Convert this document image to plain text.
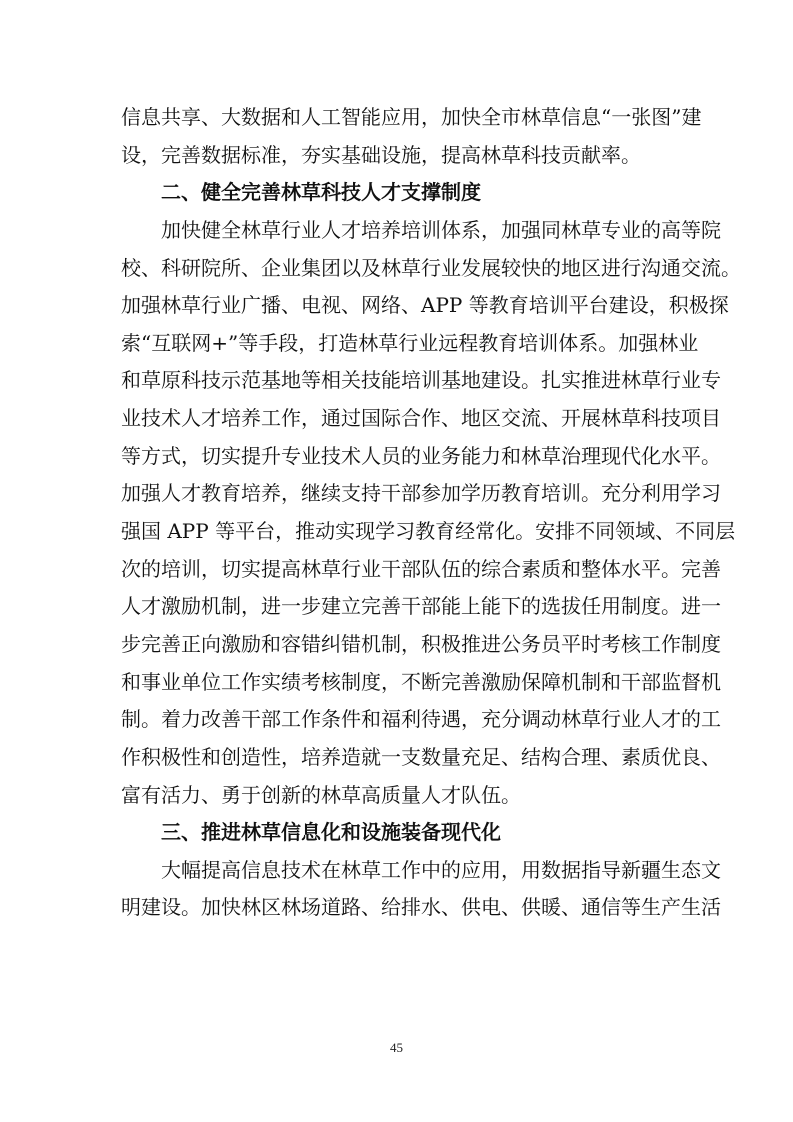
信息共享、大数据和人工智能应用，加快全市林草信息“一张图”建
设，完善数据标准，夯实基础设施，提高林草科技贡献率。
二、健全完善林草科技人才支撑制度
加快健全林草行业人才培养培训体系，加强同林草专业的高等院
校、科研院所、企业集团以及林草行业发展较快的地区进行沟通交流。
加强林草行业广播、电视、网络、APP 等教育培训平台建设，积极探
索“互联网+”等手段，打造林草行业远程教育培训体系。加强林业
和草原科技示范基地等相关技能培训基地建设。扎实推进林草行业专
业技术人才培养工作，通过国际合作、地区交流、开展林草科技项目
等方式，切实提升专业技术人员的业务能力和林草治理现代化水平。
加强人才教育培养，继续支持干部参加学历教育培训。充分利用学习
强国 APP 等平台，推动实现学习教育经常化。安排不同领域、不同层
次的培训，切实提高林草行业干部队伍的综合素质和整体水平。完善
人才激励机制，进一步建立完善干部能上能下的选拔任用制度。进一
步完善正向激励和容错纠错机制，积极推进公务员平时考核工作制度
和事业单位工作实绩考核制度，不断完善激励保障机制和干部监督机
制。着力改善干部工作条件和福利待遇，充分调动林草行业人才的工
作积极性和创造性，培养造就一支数量充足、结构合理、素质优良、
富有活力、勇于创新的林草高质量人才队伍。
三、推进林草信息化和设施装备现代化
大幅提高信息技术在林草工作中的应用，用数据指导新疆生态文
明建设。加快林区林场道路、给排水、供电、供暖、通信等生产生活
45
